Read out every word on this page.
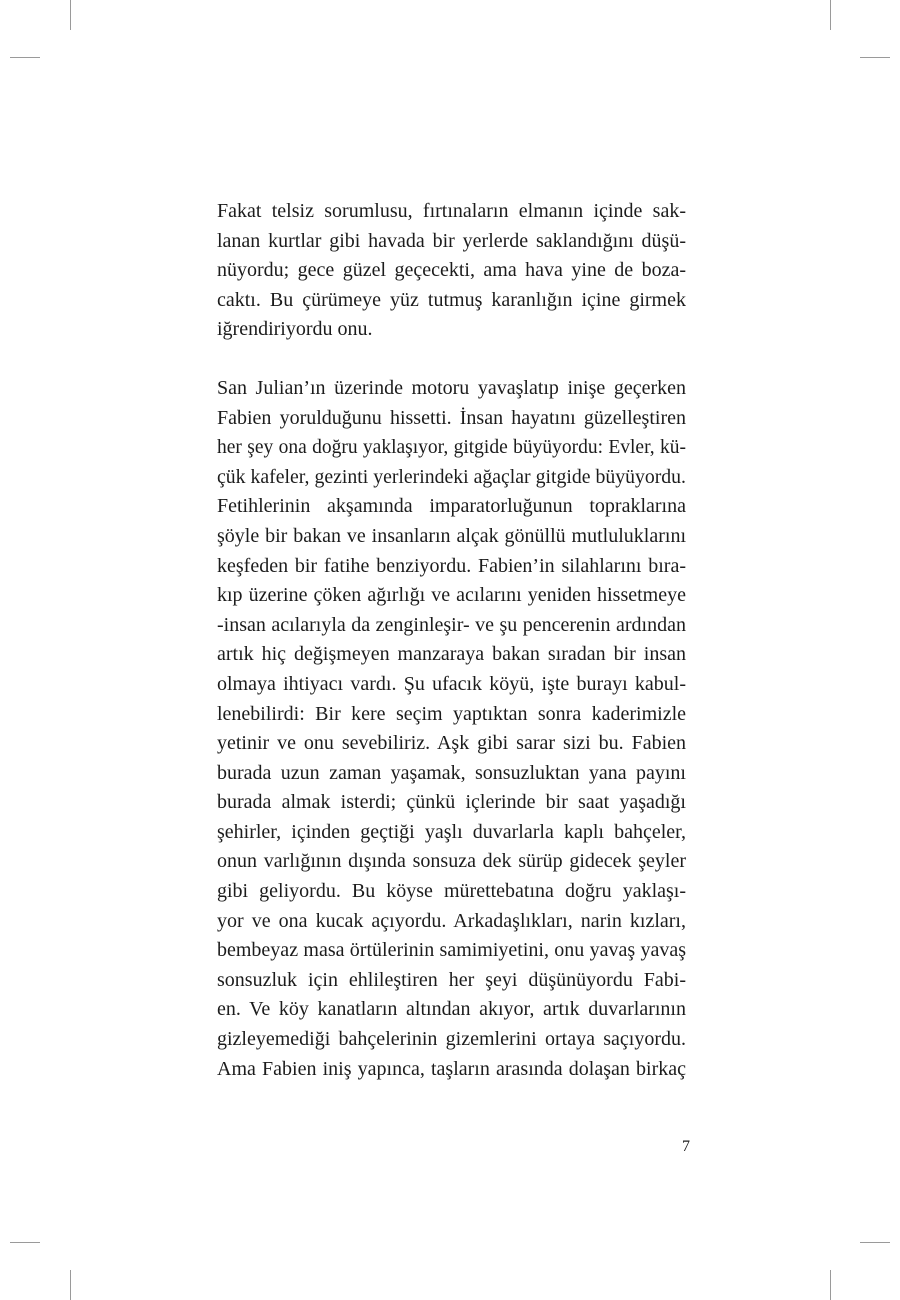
Fakat telsiz sorumlusu, fırtınaların elmanın içinde sak-
lanan kurtlar gibi havada bir yerlerde saklandığını düşü-
nüyordu; gece güzel geçecekti, ama hava yine de boza-
caktı. Bu çürümeye yüz tutmuş karanlığın içine girmek
iğrendiriyordu onu.

San Julian’ın üzerinde motoru yavaşlatıp inişe geçerken
Fabien yorulduğunu hissetti. İnsan hayatını güzelleştiren
her şey ona doğru yaklaşıyor, gitgide büyüyordu: Evler, kü-
çük kafeler, gezinti yerlerindeki ağaçlar gitgide büyüyordu.
Fetihlerinin akşamında imparatorluğunun topraklarına
şöyle bir bakan ve insanların alçak gönüllü mutluluklarını
keşfeden bir fatihe benziyordu. Fabien’in silahlarını bıra-
kıp üzerine çöken ağırlığı ve acılarını yeniden hissetmeye
-insan acılarıyla da zenginleşir- ve şu pencerenin ardından
artık hiç değişmeyen manzaraya bakan sıradan bir insan
olmaya ihtiyacı vardı. Şu ufacık köyü, işte burayı kabul-
lenebilirdi: Bir kere seçim yaptıktan sonra kaderimizle
yetinir ve onu sevebiliriz. Aşk gibi sarar sizi bu. Fabien
burada uzun zaman yaşamak, sonsuzluktan yana payını
burada almak isterdi; çünkü içlerinde bir saat yaşadığı
şehirler, içinden geçtiği yaşlı duvarlarla kaplı bahçeler,
onun varlığının dışında sonsuza dek sürüp gidecek şeyler
gibi geliyordu. Bu köyse mürettebatına doğru yaklaşı-
yor ve ona kucak açıyordu. Arkadaşlıkları, narin kızları,
bembeyaz masa örtülerinin samimiyetini, onu yavaş yavaş
sonsuzluk için ehlileştiren her şeyi düşünüyordu Fabi-
en. Ve köy kanatların altından akıyor, artık duvarlarının
gizleyemediği bahçelerinin gizemlerini ortaya saçıyordu.
Ama Fabien iniş yapınca, taşların arasında dolaşan birkaç

7
